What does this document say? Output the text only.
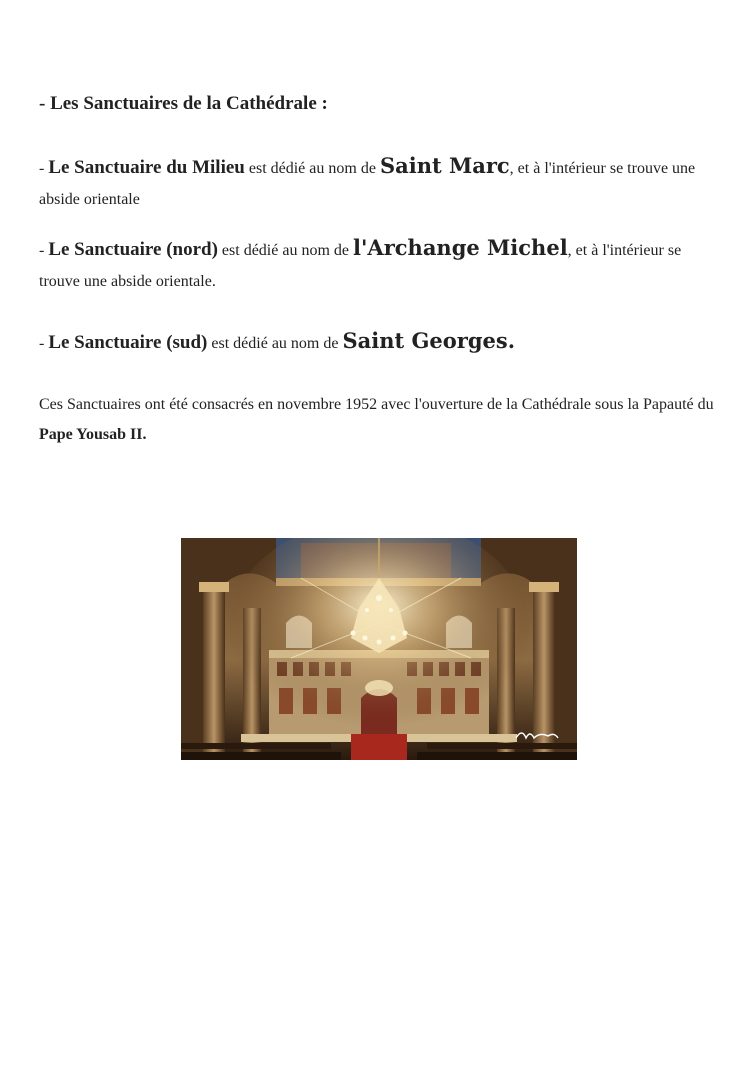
- Les Sanctuaires de la Cathédrale :

- Le Sanctuaire du Milieu est dédié au nom de Saint Marc, et à l'intérieur se trouve une abside orientale

- Le Sanctuaire (nord) est dédié au nom de l'Archange Michel, et à l'intérieur se trouve une abside orientale.

- Le Sanctuaire (sud) est dédié au nom de Saint Georges.

Ces Sanctuaires ont été consacrés en novembre 1952 avec l'ouverture de la Cathédrale sous la Papauté du Pape Yousab II.
